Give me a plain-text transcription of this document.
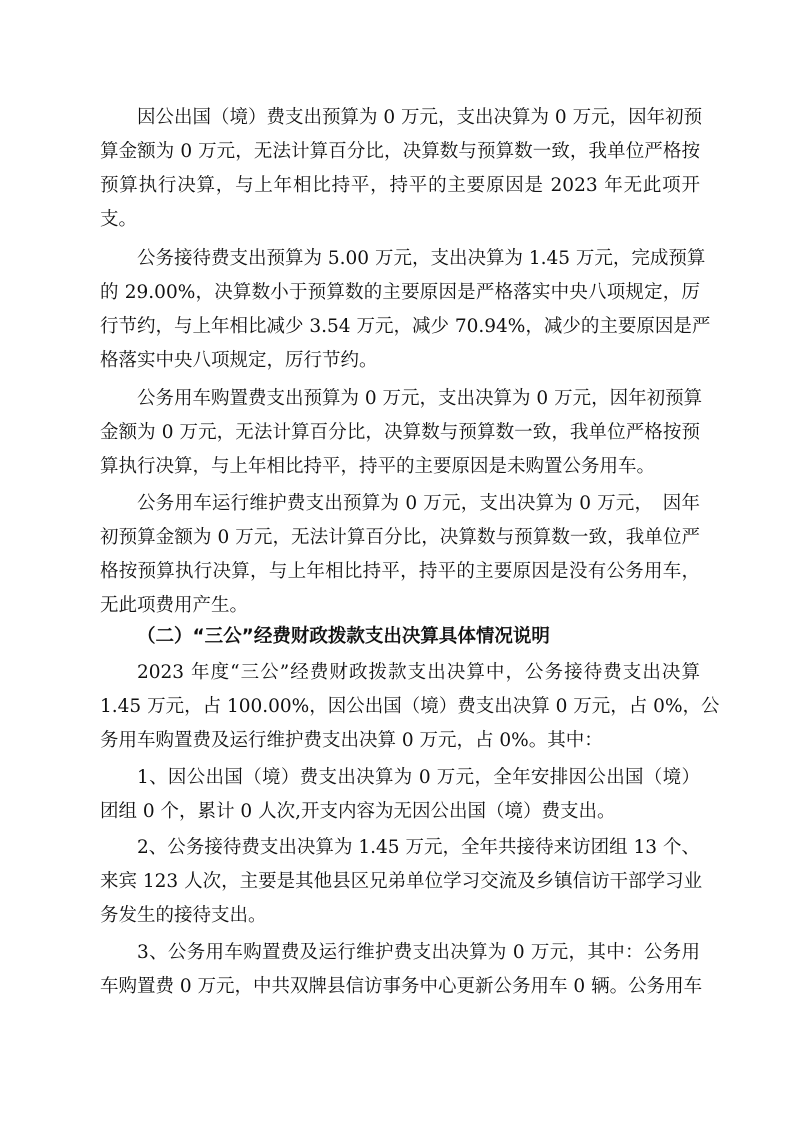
因公出国（境）费支出预算为 0 万元，支出决算为 0 万元，因年初预
算金额为 0 万元，无法计算百分比，决算数与预算数一致，我单位严格按
预算执行决算，与上年相比持平，持平的主要原因是 2023 年无此项开
支。
公务接待费支出预算为 5.00 万元，支出决算为 1.45 万元，完成预算
的 29.00%，决算数小于预算数的主要原因是严格落实中央八项规定，厉
行节约，与上年相比减少 3.54 万元，减少 70.94%，减少的主要原因是严
格落实中央八项规定，厉行节约。
公务用车购置费支出预算为 0 万元，支出决算为 0 万元，因年初预算
金额为 0 万元，无法计算百分比，决算数与预算数一致，我单位严格按预
算执行决算，与上年相比持平，持平的主要原因是未购置公务用车。
公务用车运行维护费支出预算为 0 万元，支出决算为 0 万元，　因年
初预算金额为 0 万元，无法计算百分比，决算数与预算数一致，我单位严
格按预算执行决算，与上年相比持平，持平的主要原因是没有公务用车，
无此项费用产生。
（二）“三公”经费财政拨款支出决算具体情况说明
2023 年度“三公”经费财政拨款支出决算中，公务接待费支出决算
1.45 万元，占 100.00%，因公出国（境）费支出决算 0 万元，占 0%，公
务用车购置费及运行维护费支出决算 0 万元，占 0%。其中：
1、因公出国（境）费支出决算为 0 万元，全年安排因公出国（境）
团组 0 个，累计 0 人次,开支内容为无因公出国（境）费支出。
2、公务接待费支出决算为 1.45 万元，全年共接待来访团组 13 个、
来宾 123 人次，主要是其他县区兄弟单位学习交流及乡镇信访干部学习业
务发生的接待支出。
3、公务用车购置费及运行维护费支出决算为 0 万元，其中：公务用
车购置费 0 万元，中共双牌县信访事务中心更新公务用车 0 辆。公务用车
